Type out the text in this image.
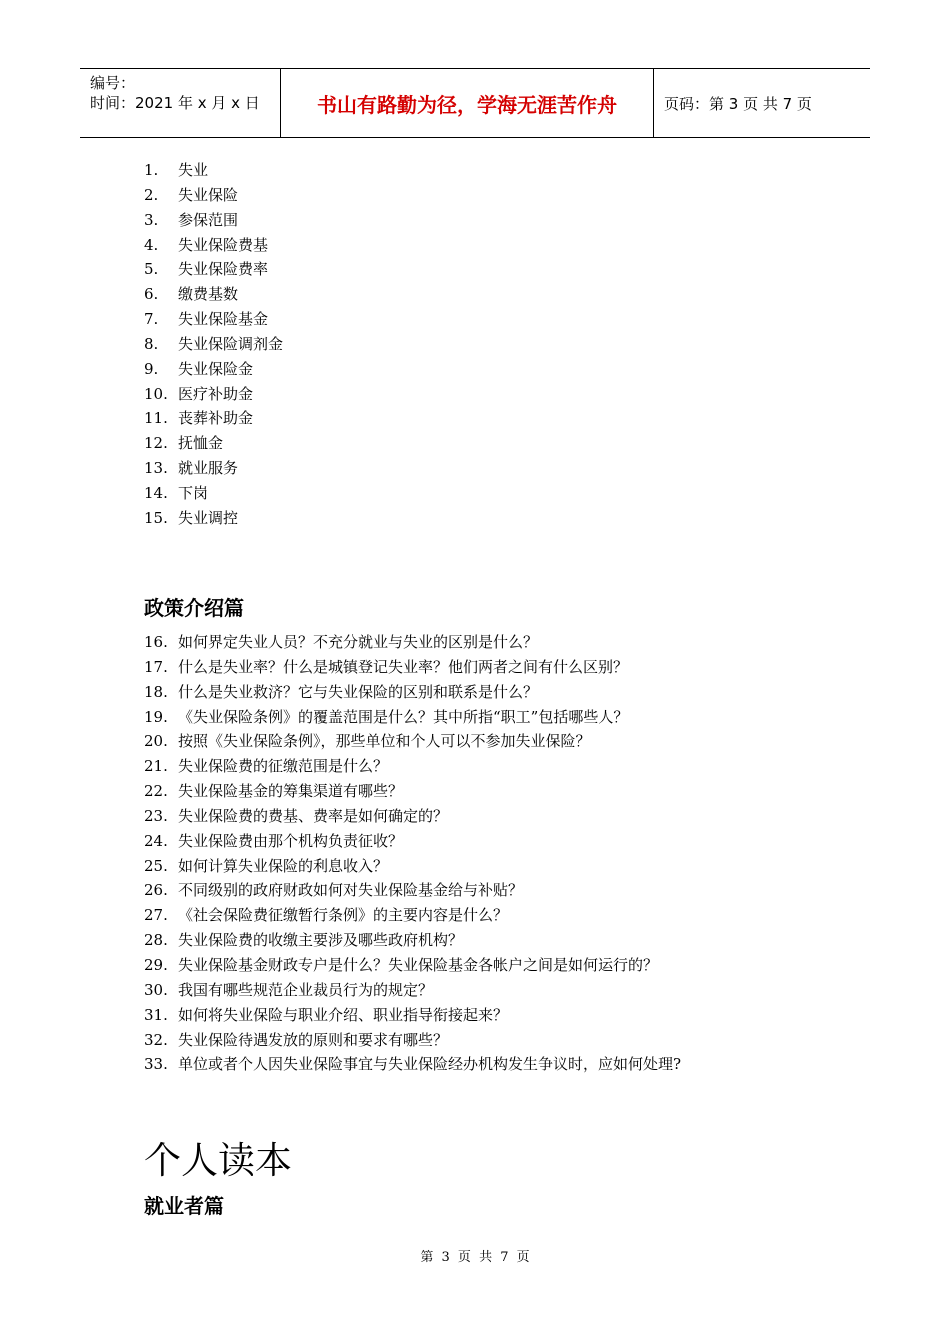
编号：
时间：2021 年 x 月 x 日	书山有路勤为径，学海无涯苦作舟	页码：第 3 页 共 7 页
1.	失业
2.	失业保险
3.	参保范围
4.	失业保险费基
5.	失业保险费率
6.	缴费基数
7.	失业保险基金
8.	失业保险调剂金
9.	失业保险金
10. 医疗补助金
11. 丧葬补助金
12. 抚恤金
13. 就业服务
14. 下岗
15. 失业调控
政策介绍篇
16. 如何界定失业人员？不充分就业与失业的区别是什么？
17. 什么是失业率？什么是城镇登记失业率？他们两者之间有什么区别？
18. 什么是失业救济？它与失业保险的区别和联系是什么？
19. 《失业保险条例》的覆盖范围是什么？其中所指“职工”包括哪些人？
20. 按照《失业保险条例》，那些单位和个人可以不参加失业保险？
21. 失业保险费的征缴范围是什么？
22. 失业保险基金的筹集渠道有哪些？
23. 失业保险费的费基、费率是如何确定的？
24. 失业保险费由那个机构负责征收？
25. 如何计算失业保险的利息收入？
26. 不同级别的政府财政如何对失业保险基金给与补贴？
27. 《社会保险费征缴暂行条例》的主要内容是什么？
28. 失业保险费的收缴主要涉及哪些政府机构？
29. 失业保险基金财政专户是什么？失业保险基金各帐户之间是如何运行的？
30. 我国有哪些规范企业裁员行为的规定？
31. 如何将失业保险与职业介绍、职业指导衔接起来？
32. 失业保险待遇发放的原则和要求有哪些？
33. 单位或者个人因失业保险事宜与失业保险经办机构发生争议时，应如何处理?
个人读本
就业者篇
第 3 页 共 7 页
